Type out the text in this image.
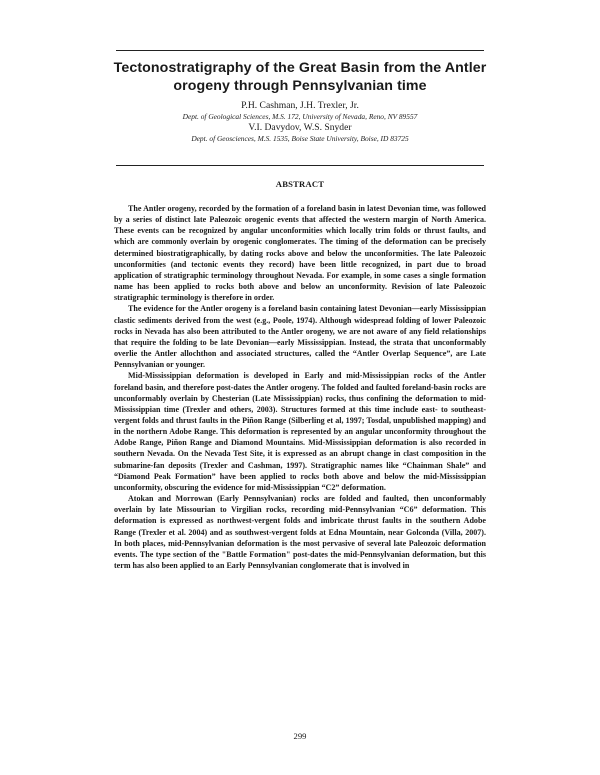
Tectonostratigraphy of the Great Basin from the Antler orogeny through Pennsylvanian time
P.H. Cashman, J.H. Trexler, Jr.
Dept. of Geological Sciences, M.S. 172, University of Nevada, Reno, NV 89557
V.I. Davydov, W.S. Snyder
Dept. of Geosciences, M.S. 1535, Boise State University, Boise, ID 83725
ABSTRACT

The Antler orogeny, recorded by the formation of a foreland basin in latest Devonian time, was followed by a series of distinct late Paleozoic orogenic events that affected the western margin of North America. These events can be recognized by angular unconformities which locally trim folds or thrust faults, and which are commonly overlain by orogenic conglomerates. The timing of the deformation can be precisely determined biostratigraphically, by dating rocks above and below the unconformities. The late Paleozoic unconformities (and tectonic events they record) have been little recognized, in part due to broad application of stratigraphic terminology throughout Nevada. For example, in some cases a single formation name has been applied to rocks both above and below an unconformity. Revision of late Paleozoic stratigraphic terminology is therefore in order.

The evidence for the Antler orogeny is a foreland basin containing latest Devonian—early Mississippian clastic sediments derived from the west (e.g., Poole, 1974). Although widespread folding of lower Paleozoic rocks in Nevada has also been attributed to the Antler orogeny, we are not aware of any field relationships that require the folding to be late Devonian—early Mississippian. Instead, the strata that unconformably overlie the Antler allochthon and associated structures, called the “Antler Overlap Sequence”, are Late Pennsylvanian or younger.

Mid-Mississippian deformation is developed in Early and mid-Mississippian rocks of the Antler foreland basin, and therefore post-dates the Antler orogeny. The folded and faulted foreland-basin rocks are unconformably overlain by Chesterian (Late Mississippian) rocks, thus confining the deformation to mid-Mississippian time (Trexler and others, 2003). Structures formed at this time include east- to southeast-vergent folds and thrust faults in the Piñon Range (Silberling et al, 1997; Tosdal, unpublished mapping) and in the northern Adobe Range. This deformation is represented by an angular unconformity throughout the Adobe Range, Piñon Range and Diamond Mountains. Mid-Mississippian deformation is also recorded in southern Nevada. On the Nevada Test Site, it is expressed as an abrupt change in clast composition in the submarine-fan deposits (Trexler and Cashman, 1997). Stratigraphic names like “Chainman Shale” and “Diamond Peak Formation” have been applied to rocks both above and below the mid-Mississippian unconformity, obscuring the evidence for mid-Mississippian “C2” deformation.

Atokan and Morrowan (Early Pennsylvanian) rocks are folded and faulted, then unconformably overlain by late Missourian to Virgilian rocks, recording mid-Pennsylvanian “C6” deformation. This deformation is expressed as northwest-vergent folds and imbricate thrust faults in the southern Adobe Range (Trexler et al. 2004) and as southwest-vergent folds at Edna Mountain, near Golconda (Villa, 2007). In both places, mid-Pennsylvanian deformation is the most pervasive of several late Paleozoic deformation events. The type section of the "Battle Formation" post-dates the mid-Pennsylvanian deformation, but this term has also been applied to an Early Pennsylvanian conglomerate that is involved in

299
